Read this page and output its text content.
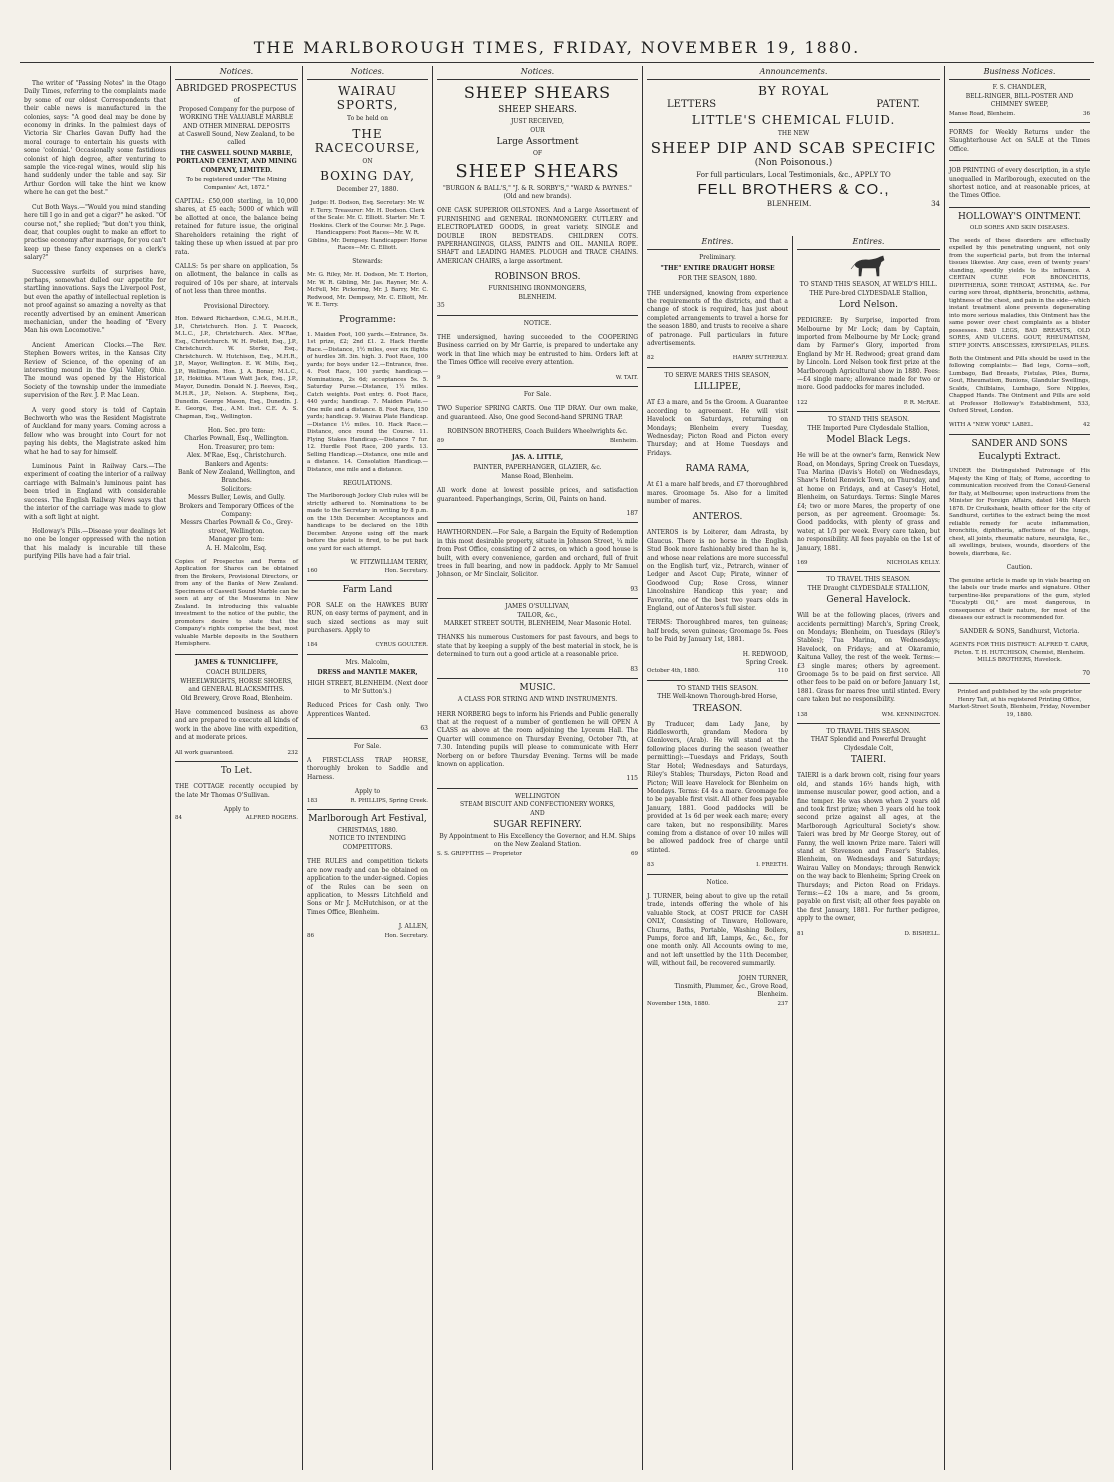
THE MARLBOROUGH TIMES, FRIDAY, NOVEMBER 19, 1880.

The writer of "Passing Notes" in the Otago Daily Times, referring to the complaints made by some of our oldest Correspondents that their cable news is manufactured in the colonies, says: "A good deal may be done by economy in drinks. In the palmiest days of Victoria Sir Charles Gavan Duffy had the moral courage to entertain his guests with some 'colonial.' Occasionally some fastidious colonist of high degree, after venturing to sample the vice-regal wines, would slip his hand suddenly under the table and say. Sir Arthur Gordon will take the hint we know where he can get the best."

Cut Both Ways.—"Would you mind standing here till I go in and get a cigar?" he asked. "Of course not," she replied; "but don't you think, dear, that couples ought to make an effort to practise economy after marriage, for you can't keep up these fancy expenses on a clerk's salary?"

Successive surfeits of surprises have, perhaps, somewhat dulled our appetite for startling innovations. Says the Liverpool Post, but even the apathy of intellectual repletion is not proof against so amazing a novelty as that recently advertised by an eminent American mechanician, under the heading of "Every Man his own Locomotive."

Ancient American Clocks.—The Rev. Stephen Bowers writes, in the Kansas City Review of Science, of the opening of an interesting mound in the Ojai Valley, Ohio. The mound was opened by the Historical Society of the township under the immediate supervision of the Rev. J. P. Mac Lean.

A very good story is told of Captain Bechworth who was the Resident Magistrate of Auckland for many years. Coming across a fellow who was brought into Court for not paying his debts, the Magistrate asked him what he had to say for himself.

Luminous Paint in Railway Cars.—The experiment of coating the interior of a railway carriage with Balmain's luminous paint has been tried in England with considerable success. The English Railway News says that the interior of the carriage was made to glow with a soft light at night.

Holloway's Pills.—Disease your dealings let no one be longer oppressed with the notion that his malady is incurable till these purifying Pills have had a fair trial.

Notices.
ABRIDGED PROSPECTUS
of
Proposed Company for the purpose of WORKING THE VALUABLE MARBLE AND OTHER MINERAL DEPOSITS
at Caswell Sound, New Zealand, to be called
THE CASWELL SOUND MARBLE, PORTLAND CEMENT, AND MINING COMPANY, LIMITED.
To be registered under "The Mining Companies' Act, 1872."

CAPITAL: £50,000 sterling, in 10,000 shares, at £5 each; 5000 of which will be allotted at once, the balance being retained for future issue, the original Shareholders retaining the right of taking these up when issued at par pro rata.

CALLS: 5s per share on application, 5s on allotment, the balance in calls as required of 10s per share, at intervals of not less than three months.

Provisional Directory.

Hon. Edward Richardson, C.M.G., M.H.R., J.P., Christchurch. Hon. J. T. Peacock, M.L.C., J.P., Christchurch. Alex. M'Rae, Esq., Christchurch. W. H. Pollett, Esq., J.P., Christchurch. W. Sterke, Esq., Christchurch. W. Hutchison, Esq., M.H.R., J.P., Mayor, Wellington. E. W. Mills, Esq., J.P., Wellington. Hon. J. A. Bonar, M.L.C., J.P., Hokitika. M'Lean Watt Jack, Esq., J.P., Mayor, Dunedin. Donald N. J. Reeves, Esq., M.H.R., J.P., Nelson. A. Stephens, Esq., Dunedin. George Mason, Esq., Dunedin. J. E. George, Esq., A.M. Inst. C.E. A. S. Chapman, Esq., Wellington.

Hon. Sec. pro tem:
Charles Pownall, Esq., Wellington.
Hon. Treasurer, pro tem:
Alex. M'Rae, Esq., Christchurch.
Bankers and Agents:
Bank of New Zealand, Wellington, and Branches.
Solicitors:
Messrs Buller, Lewis, and Gully.
Brokers and Temporary Offices of the Company:
Messrs Charles Pownall & Co., Grey-street, Wellington.
Manager pro tem:
A. H. Malcolm, Esq.

Copies of Prospectus and Forms of Application for Shares can be obtained from the Brokers, Provisional Directors, or from any of the Banks of New Zealand. Specimens of Caswell Sound Marble can be seen at any of the Museums in New Zealand. In introducing this valuable investment to the notice of the public, the promoters desire to state that the Company's rights comprise the best, most valuable Marble deposits in the Southern Hemisphere.

JAMES & TUNNICLIFFE,
COACH BUILDERS,
WHEELWRIGHTS, HORSE SHOERS, and GENERAL BLACKSMITHS.
Old Brewery, Grove Road, Blenheim.

Have commenced business as above and are prepared to execute all kinds of work in the above line with expedition, and at moderate prices.

All work guaranteed.	232
To Let.

THE COTTAGE recently occupied by the late Mr Thomas O'Sullivan.

Apply to
84	ALFRED ROGERS.
Notices.
WAIRAU SPORTS,
To be held on
THE RACECOURSE,
ON
BOXING DAY,
December 27, 1880.

Judge: H. Dodson, Esq. Secretary: Mr. W. F. Terry. Treasurer: Mr. H. Dodson. Clerk of the Scale: Mr. C. Elliott. Starter: Mr. T. Hoskins. Clerk of the Course: Mr. J. Page. Handicappers: Foot Races—Mr. W. R. Giblins, Mr. Dempsey. Handicapper: Horse Races—Mr. C. Elliott.

Stewards:

Mr. G. Riley, Mr. H. Dodson, Mr. T. Horton, Mr. W. R. Gibling, Mr. Jas. Rayner, Mr. A. McFell, Mr. Pickering, Mr. J. Barry, Mr. C. Redwood, Mr. Dempsey, Mr. C. Elliott, Mr. W. E. Terry.

Programme:

1. Maiden Foot, 100 yards.—Entrance, 5s. 1st prize, £2; 2nd £1. 2. Hack Hurdle Race.—Distance, 1½ miles, over six flights of hurdles 3ft. 3in. high. 3. Foot Race, 100 yards; for boys under 12.—Entrance, free. 4. Foot Race, 100 yards; handicap.—Nominations, 2s 6d; acceptances 5s. 5. Saturday Purse.—Distance, 1½ miles. Catch weights. Post entry. 6. Foot Race, 440 yards; handicap. 7. Maiden Plate.—One mile and a distance. 8. Foot Race, 150 yards; handicap. 9. Wairau Plate Handicap.—Distance 1½ miles. 10. Hack Race.—Distance, once round the Course. 11. Flying Stakes Handicap.—Distance 7 fur. 12. Hurdle Foot Race, 200 yards. 13. Selling Handicap.—Distance, one mile and a distance. 14. Consolation Handicap.—Distance, one mile and a distance.

REGULATIONS.

The Marlborough Jockey Club rules will be strictly adhered to. Nominations to be made to the Secretary in writing by 8 p.m. on the 15th December. Acceptances and handicaps to be declared on the 18th December. Anyone using off the mark before the pistol is fired, to be put back one yard for each attempt.

W. FITZWILLIAM TERRY,
160	Hon. Secretary.
Farm Land

FOR SALE on the HAWKES BURY RUN, on easy terms of payment, and in such sized sections as may suit purchasers. Apply to

184	CYRUS GOULTER.
Mrs. Malcolm,
DRESS and MANTLE MAKER,
HIGH STREET, BLENHEIM. (Next door to Mr Sutton's.)

Reduced Prices for Cash only. Two Apprentices Wanted.

63
For Sale.

A FIRST-CLASS TRAP HORSE, thoroughly broken to Saddle and Harness.

Apply to
183	R. PHILLIPS, Spring Creek.
Marlborough Art Festival,
CHRISTMAS, 1880.
NOTICE TO INTENDING COMPETITORS.

THE RULES and competition tickets are now ready and can be obtained on application to the under-signed. Copies of the Rules can be seen on application, to Messrs Litchfield and Sons or Mr J. McHutchison, or at the Times Office, Blenheim.

J. ALLEN,
86	Hon. Secretary.
Notices.
SHEEP SHEARS
SHEEP SHEARS.
JUST RECEIVED,
OUR
Large Assortment
OF
SHEEP SHEARS
"BURGON & BALL'S," "J. & R. SORBY'S," "WARD & PAYNES." (Old and new brands).

ONE CASK SUPERIOR OILSTONES. And a Large Assortment of FURNISHING and GENERAL IRONMONGERY. CUTLERY and ELECTROPLATED GOODS, in great variety. SINGLE and DOUBLE IRON BEDSTEADS. CHILDREN COTS. PAPERHANGINGS, GLASS, PAINTS and OIL. MANILA ROPE. SHAFT and LEADING HAMES. PLOUGH and TRACE CHAINS. AMERICAN CHAIRS, a large assortment.

ROBINSON BROS.
FURNISHING IRONMONGERS,
BLENHEIM.
35
NOTICE.

THE undersigned, having succeeded to the COOPERING Business carried on by Mr Garrie, is prepared to undertake any work in that line which may be entrusted to him. Orders left at the Times Office will receive every attention.

9	W. TAIT.
For Sale.

TWO Superior SPRING CARTS. One TIP DRAY. Our own make, and guaranteed. Also, One good Second-hand SPRING TRAP.

ROBINSON BROTHERS, Coach Builders Wheelwrights &c.
89	Blenheim.
JAS. A. LITTLE,
PAINTER, PAPERHANGER, GLAZIER, &c.
Manse Road, Blenheim.

All work done at lowest possible prices, and satisfaction guaranteed. Paperhangings, Scrim, Oil, Paints on hand.

187

HAWTHORNDEN.—For Sale, a Bargain the Equity of Redemption in this most desirable property, situate in Johnson Street, ¼ mile from Post Office, consisting of 2 acres, on which a good house is built, with every convenience, garden and orchard, full of fruit trees in full bearing, and now in paddock. Apply to Mr Samuel Johnson, or Mr Sinclair, Solicitor.

93
JAMES O'SULLIVAN,
TAILOR, &c.,
MARKET STREET SOUTH, BLENHEIM, Near Masonic Hotel.

THANKS his numerous Customers for past favours, and begs to state that by keeping a supply of the best material in stock, he is determined to turn out a good article at a reasonable price.

83
MUSIC.
A CLASS FOR STRING AND WIND INSTRUMENTS.

HERR NORBERG begs to inform his Friends and Public generally that at the request of a number of gentlemen he will OPEN A CLASS as above at the room adjoining the Lyceum Hall. The Quarter will commence on Thursday Evening, October 7th, at 7.30. Intending pupils will please to communicate with Herr Norberg on or before Thursday Evening. Terms will be made known on application.

115
WELLINGTON
STEAM BISCUIT AND CONFECTIONERY WORKS,
AND
SUGAR REFINERY.
By Appointment to His Excellency the Governor, and H.M. Ships on the New Zealand Station.
S. S. GRIFFITHS — Proprietor	69
Announcements.
BY ROYAL
LETTERS	PATENT.
LITTLE'S CHEMICAL FLUID.
THE NEW
SHEEP DIP AND SCAB SPECIFIC
(Non Poisonous.)
For full particulars, Local Testimonials, &c., APPLY TO
FELL BROTHERS & CO.,
BLENHEIM.	34
Entires.
Preliminary.
"THE" ENTIRE DRAUGHT HORSE
FOR THE SEASON, 1880.

THE undersigned, knowing from experience the requirements of the districts, and that a change of stock is required, has just about completed arrangements to travel a horse for the season 1880, and trusts to receive a share of patronage. Full particulars in future advertisements.

82	HARRY SUTHERLY.
TO SERVE MARES THIS SEASON,
LILLIPEE,

AT £3 a mare, and 5s the Groom. A Guarantee according to agreement. He will visit Havelock on Saturdays, returning on Mondays; Blenheim every Tuesday, Wednesday; Picton Road and Picton every Thursday; and at Home Tuesdays and Fridays.

RAMA RAMA,

At £1 a mare half breds, and £7 thoroughbred mares. Groomage 5s. Also for a limited number of mares.

ANTEROS.

ANTEROS is by Loiterer, dam Adrasta, by Glaucus. There is no horse in the English Stud Book more fashionably bred than he is, and whose near relations are more successful on the English turf, viz., Petrarch, winner of Ledger and Ascot Cup; Pirate, winner of Goodwood Cup; Rose Cross, winner Lincolnshire Handicap this year; and Favorita, one of the best two years olds in England, out of Anteros's full sister.

TERMS: Thoroughbred mares, ten guineas; half breds, seven guineas; Groomage 5s. Fees to be Paid by January 1st, 1881.

H. REDWOOD,
Spring Creek.
October 4th, 1880.	110
TO STAND THIS SEASON.
THE Well-known Thorough-bred Horse,
TREASON.

By Traducer, dam Lady Jane, by Riddlesworth, grandam Medora by Glenlovers, (Arab). He will stand at the following places during the season (weather permitting):—Tuesdays and Fridays, South Star Hotel; Wednesdays and Saturdays, Riley's Stables; Thursdays, Picton Road and Picton; Will leave Havelock for Blenheim on Mondays. Terms: £4 4s a mare. Groomage fee to be payable first visit. All other fees payable January, 1881. Good paddocks will be provided at 1s 6d per week each mare; every care taken, but no responsibility. Mares coming from a distance of over 10 miles will be allowed paddock free of charge until stinted.

83	I. FREETH.
Notice.

J. TURNER, being about to give up the retail trade, intends offering the whole of his valuable Stock, at COST PRICE for CASH ONLY, Consisting of Tinware, Holloware, Churns, Baths, Portable, Washing Boilers, Pumps, force and lift, Lamps, &c., &c., for one month only. All Accounts owing to me, and not left unsettled by the 11th December, will, without fail, be recovered summarily.

JOHN TURNER,
Tinsmith, Plummer, &c., Grove Road, Blenheim.
November 15th, 1880.	237
Entires.
TO STAND THIS SEASON, AT WELD'S HILL.
THE Pure-bred CLYDESDALE Stallion,
Lord Nelson.

PEDIGREE: By Surprise, imported from Melbourne by Mr Lock; dam by Captain, imported from Melbourne by Mr Lock; grand dam by Farmer's Glory, imported from England by Mr H. Redwood; great grand dam by Lincoln. Lord Nelson took first prize at the Marlborough Agricultural show in 1880. Fees:—£4 single mare; allowance made for two or more. Good paddocks for mares included.

122	P. R. McRAE.
TO STAND THIS SEASON.
THE Imported Pure Clydesdale Stallion,
Model Black Legs.

He will be at the owner's farm, Renwick New Road, on Mondays, Spring Creek on Tuesdays, Tua Marina (Davis's Hotel) on Wednesdays, Shaw's Hotel Renwick Town, on Thursday, and at home on Fridays, and at Casey's Hotel, Blenheim, on Saturdays. Terms: Single Mares £4; two or more Mares, the property of one person, as per agreement. Groomage: 5s. Good paddocks, with plenty of grass and water, at 1/3 per week. Every care taken, but no responsibility. All fees payable on the 1st of January, 1881.

169	NICHOLAS KELLY.
TO TRAVEL THIS SEASON.
THE Draught CLYDESDALE STALLION,
General Havelock.

Will be at the following places, (rivers and accidents permitting) March's, Spring Creek, on Mondays; Blenheim, on Tuesdays (Riley's Stables); Tua Marina, on Wednesdays; Havelock, on Fridays; and at Okaramio, Kaituna Valley, the rest of the week. Terms:—£3 single mares; others by agreement. Groomage 5s to be paid on first service. All other fees to be paid on or before January 1st, 1881. Grass for mares free until stinted. Every care taken but no responsibility.

138	WM. KENNINGTON.
TO TRAVEL THIS SEASON.
THAT Splendid and Powerful Draught Clydesdale Colt,
TAIERI.

TAIERI is a dark brown colt, rising four years old, and stands 16½ hands high, with immense muscular power, good action, and a fine temper. He was shown when 2 years old and took first prize; when 3 years old he took second prize against all ages, at the Marlborough Agricultural Society's show. Taieri was bred by Mr George Storey, out of Fanny, the well known Prize mare. Taieri will stand at Stevenson and Fraser's Stables, Blenheim, on Wednesdays and Saturdays; Wairau Valley on Mondays; through Renwick on the way back to Blenheim; Spring Creek on Thursdays; and Picton Road on Fridays. Terms:—£2 10s a mare, and 5s groom, payable on first visit; all other fees payable on the first January, 1881. For further pedigree, apply to the owner,

81	D. BISHELL.
Business Notices.
F. S. CHANDLER,
BELL-RINGER, BILL-POSTER AND CHIMNEY SWEEP,
Manse Road, Blenheim.	36

FORMS for Weekly Returns under the Slaughterhouse Act on SALE at the Times Office.

JOB PRINTING of every description, in a style unequalled in Marlborough, executed on the shortest notice, and at reasonable prices, at the Times Office.

HOLLOWAY'S OINTMENT.
OLD SORES AND SKIN DISEASES.

The seeds of these disorders are effectually expelled by this penetrating unguent, not only from the superficial parts, but from the internal tissues likewise. Any case, even of twenty years' standing, speedily yields to its influence. A CERTAIN CURE FOR BRONCHITIS, DIPHTHERIA, SORE THROAT, ASTHMA, &c. For curing sore throat, diphtheria, bronchitis, asthma, tightness of the chest, and pain in the side—which instant treatment alone prevents degenerating into more serious maladies, this Ointment has the same power over chest complaints as a blister possesses. BAD LEGS, BAD BREASTS, OLD SORES, AND ULCERS. GOUT, RHEUMATISM, STIFF JOINTS. ABSCESSES, ERYSIPELAS, PILES.

Both the Ointment and Pills should be used in the following complaints:— Bad legs, Corns—soft, Lumbago, Bad Breasts, Fistulas, Piles, Burns, Gout, Rheumatism, Bunions, Glandular Swellings, Scalds, Chilblains, Lumbago, Sore Nipples, Chapped Hands. The Ointment and Pills are sold at Professor Holloway's Establishment, 533, Oxford Street, London.

WITH A "NEW YORK" LABEL.	42
SANDER AND SONS
Eucalypti Extract.

UNDER the Distinguished Patronage of His Majesty the King of Italy, of Rome, according to communication received from the Consul-General for Italy, at Melbourne; upon instructions from the Minister for Foreign Affairs, dated 14th March 1878. Dr Cruikshank, health officer for the city of Sandhurst, certifies to the extract being the most reliable remedy for acute inflammation, bronchitis, diphtheria, affections of the lungs, chest, all joints, rheumatic nature, neuralgia, &c., all swellings, bruises, wounds, disorders of the bowels, diarrhœa, &c.

Caution.

The genuine article is made up in vials bearing on the labels our trade marks and signature. Other turpentine-like preparations of the gum, styled "Eucalypti Oil," are most dangerous, in consequence of their nature, for most of the diseases our extract is recommended for.

SANDER & SONS, Sandhurst, Victoria.

AGENTS FOR THIS DISTRICT: ALFRED T. CARR, Picton. T. H. HUTCHISON, Chemist, Blenheim. MILLS BROTHERS, Havelock.

70

Printed and published by the sole proprietor Henry Tait, at his registered Printing Office, Market-Street South, Blenheim, Friday, November 19, 1880.
